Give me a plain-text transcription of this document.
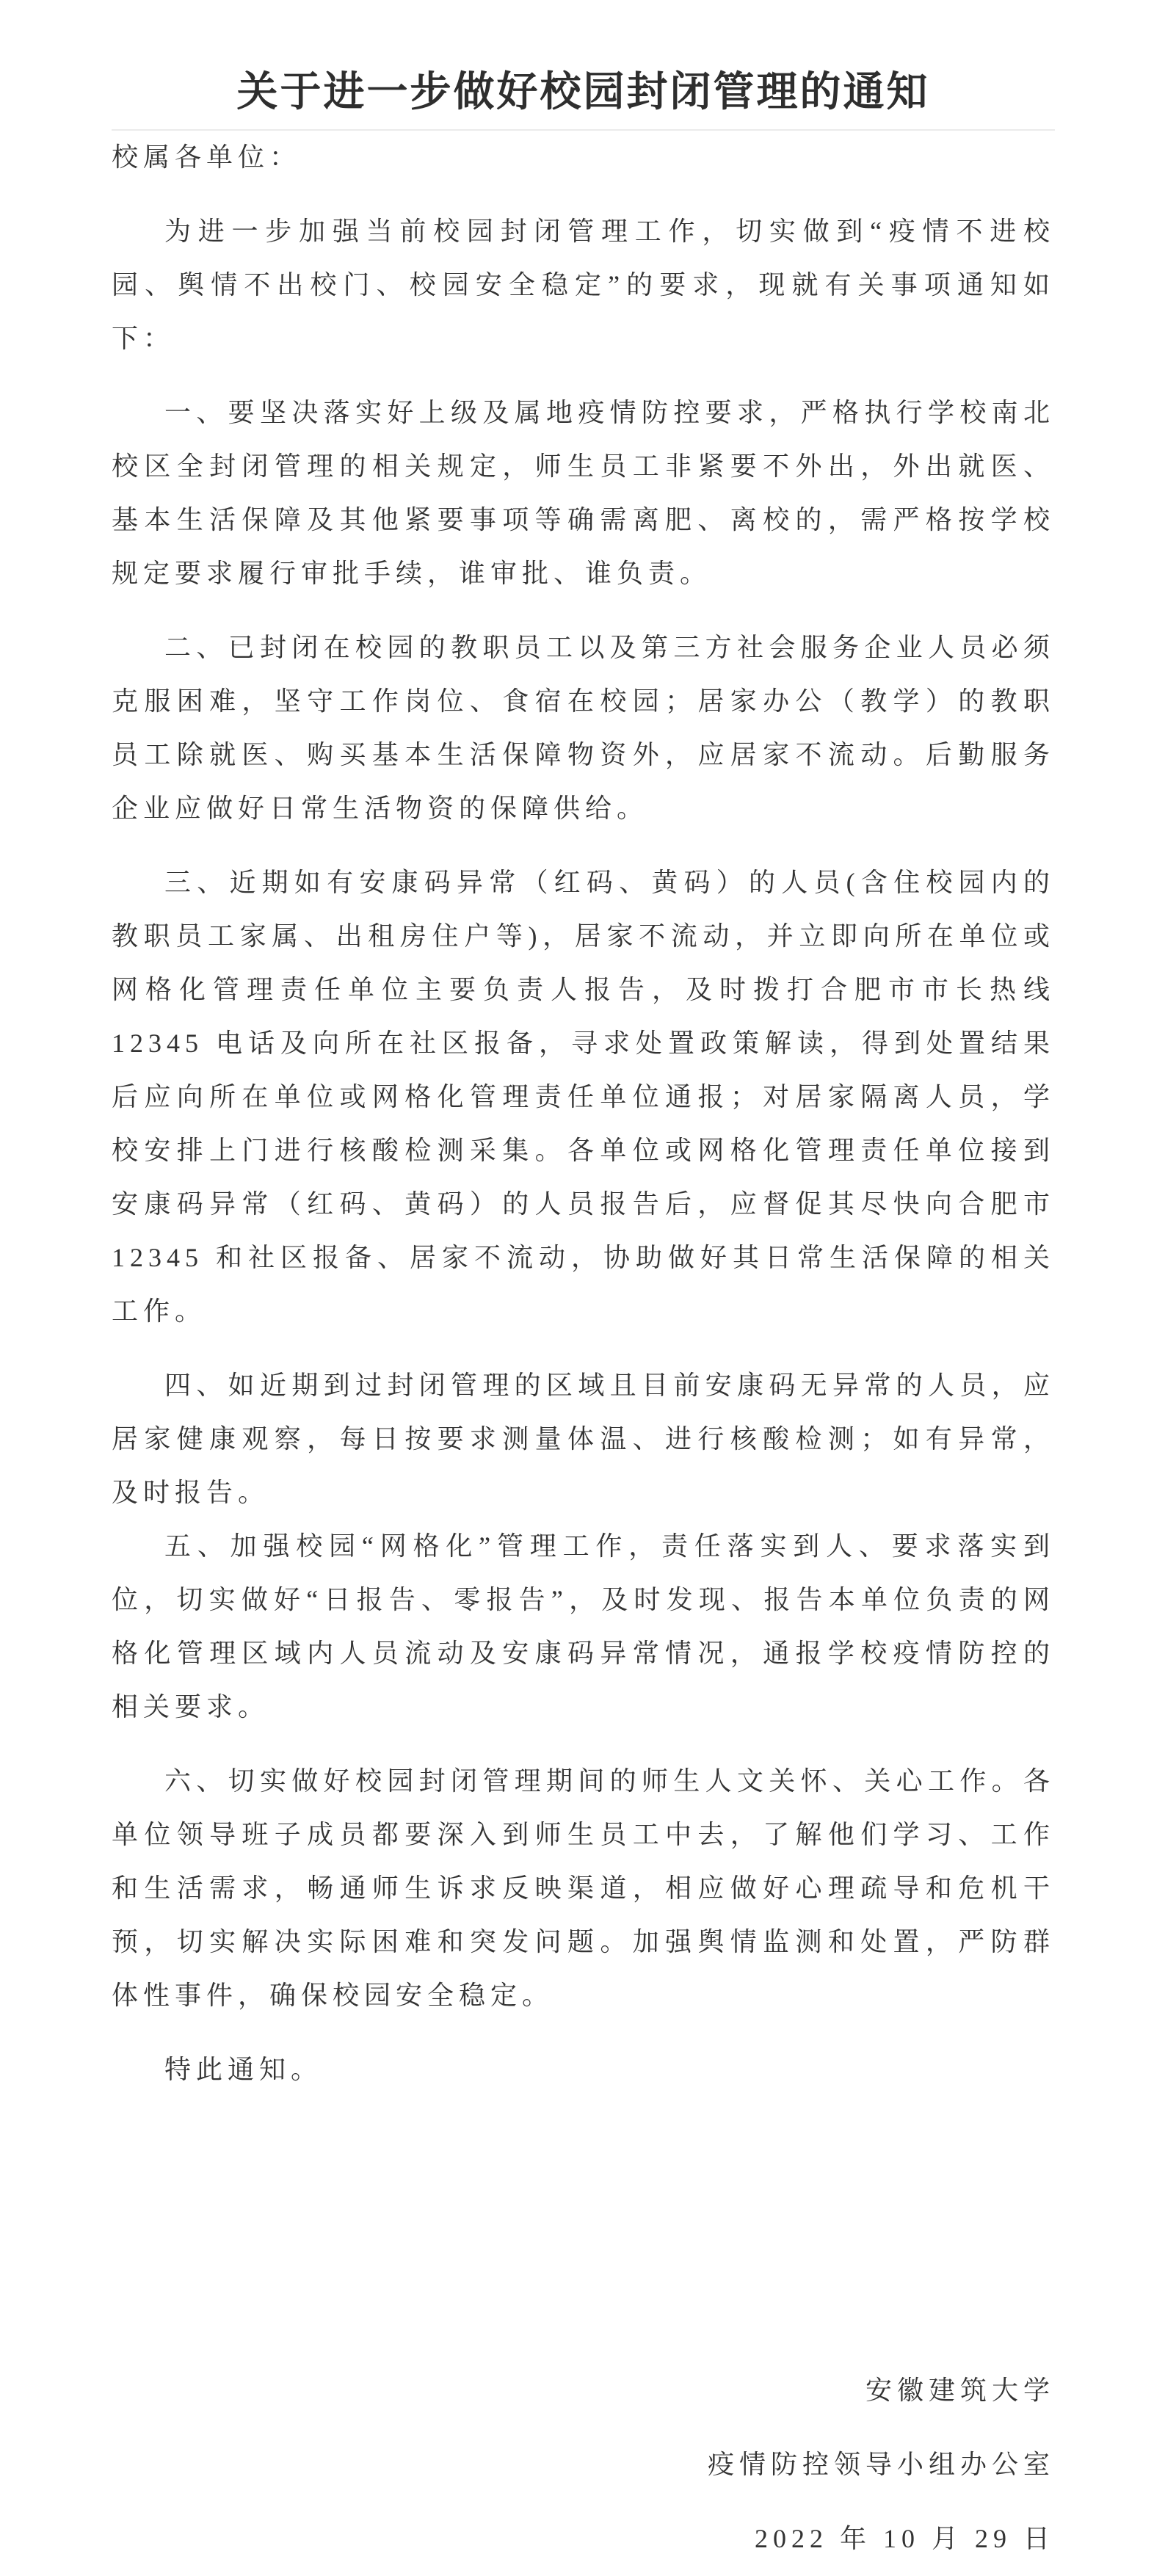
关于进一步做好校园封闭管理的通知

校属各单位：

为进一步加强当前校园封闭管理工作，切实做到“疫情不进校园、舆情不出校门、校园安全稳定”的要求，现就有关事项通知如下：

一、要坚决落实好上级及属地疫情防控要求，严格执行学校南北校区全封闭管理的相关规定，师生员工非紧要不外出，外出就医、基本生活保障及其他紧要事项等确需离肥、离校的，需严格按学校规定要求履行审批手续，谁审批、谁负责。

二、已封闭在校园的教职员工以及第三方社会服务企业人员必须克服困难，坚守工作岗位、食宿在校园；居家办公（教学）的教职员工除就医、购买基本生活保障物资外，应居家不流动。后勤服务企业应做好日常生活物资的保障供给。

三、近期如有安康码异常（红码、黄码）的人员(含住校园内的教职员工家属、出租房住户等)，居家不流动，并立即向所在单位或网格化管理责任单位主要负责人报告，及时拨打合肥市市长热线 12345 电话及向所在社区报备，寻求处置政策解读，得到处置结果后应向所在单位或网格化管理责任单位通报；对居家隔离人员，学校安排上门进行核酸检测采集。各单位或网格化管理责任单位接到安康码异常（红码、黄码）的人员报告后，应督促其尽快向合肥市 12345 和社区报备、居家不流动，协助做好其日常生活保障的相关工作。

四、如近期到过封闭管理的区域且目前安康码无异常的人员，应居家健康观察，每日按要求测量体温、进行核酸检测；如有异常，及时报告。

五、加强校园“网格化”管理工作，责任落实到人、要求落实到位，切实做好“日报告、零报告”，及时发现、报告本单位负责的网格化管理区域内人员流动及安康码异常情况，通报学校疫情防控的相关要求。

六、切实做好校园封闭管理期间的师生人文关怀、关心工作。各单位领导班子成员都要深入到师生员工中去，了解他们学习、工作和生活需求，畅通师生诉求反映渠道，相应做好心理疏导和危机干预，切实解决实际困难和突发问题。加强舆情监测和处置，严防群体性事件，确保校园安全稳定。

特此通知。

安徽建筑大学

疫情防控领导小组办公室

2022 年 10 月 29 日
